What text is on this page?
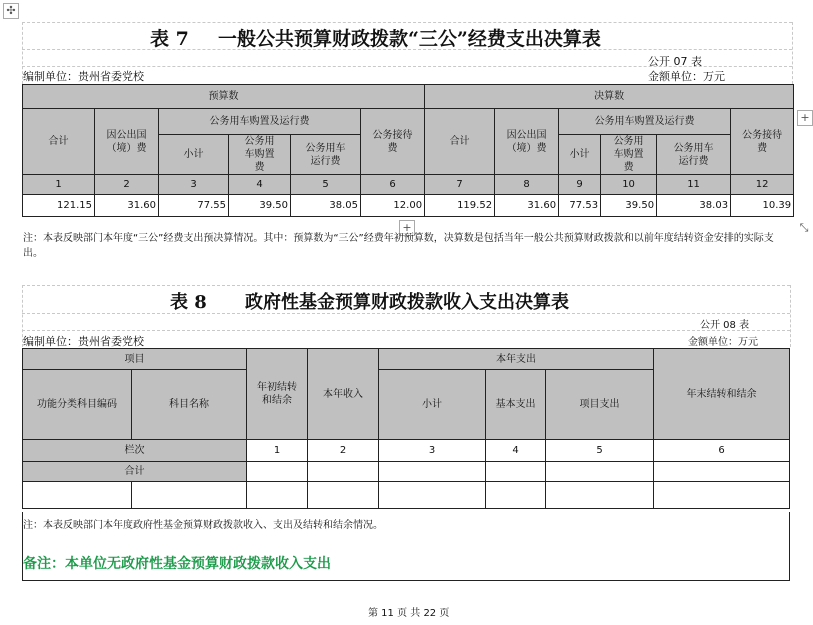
✣
+
+	⤡
表 7 一般公共预算财政拨款“三公”经费支出决算表
公开 07 表
编制单位：贵州省委党校	金额单位：万元
预算数						决算数					
合计	因公出国（境）费	公务用车购置及运行费			公务接待费	合计	因公出国（境）费	公务用车购置及运行费			公务接待费
		小计	公务用车购置费	公务用车运行费				小计	公务用车购置费	公务用车运行费	
1	2	3	4	5	6	7	8	9	10	11	12
121.15	31.60	77.55	39.50	38.05	12.00	119.52	31.60	77.53	39.50	38.03	10.39
注：本表反映部门本年度“三公”经费支出预决算情况。其中：预算数为“三公”经费年初预算数，决算数是包括当年一般公共预算财政拨款和以前年度结转资金安排的实际支出。
表 8 政府性基金预算财政拨款收入支出决算表
公开 08 表
编制单位：贵州省委党校	金额单位：万元
项目		年初结转和结余	本年收入	本年支出			年末结转和结余
功能分类科目编码	科目名称			小计	基本支出	项目支出	
栏次		1	2	3	4	5	6
合计							

注：本表反映部门本年度政府性基金预算财政拨款收入、支出及结转和结余情况。
备注：本单位无政府性基金预算财政拨款收入支出
第 11 页 共 22 页
